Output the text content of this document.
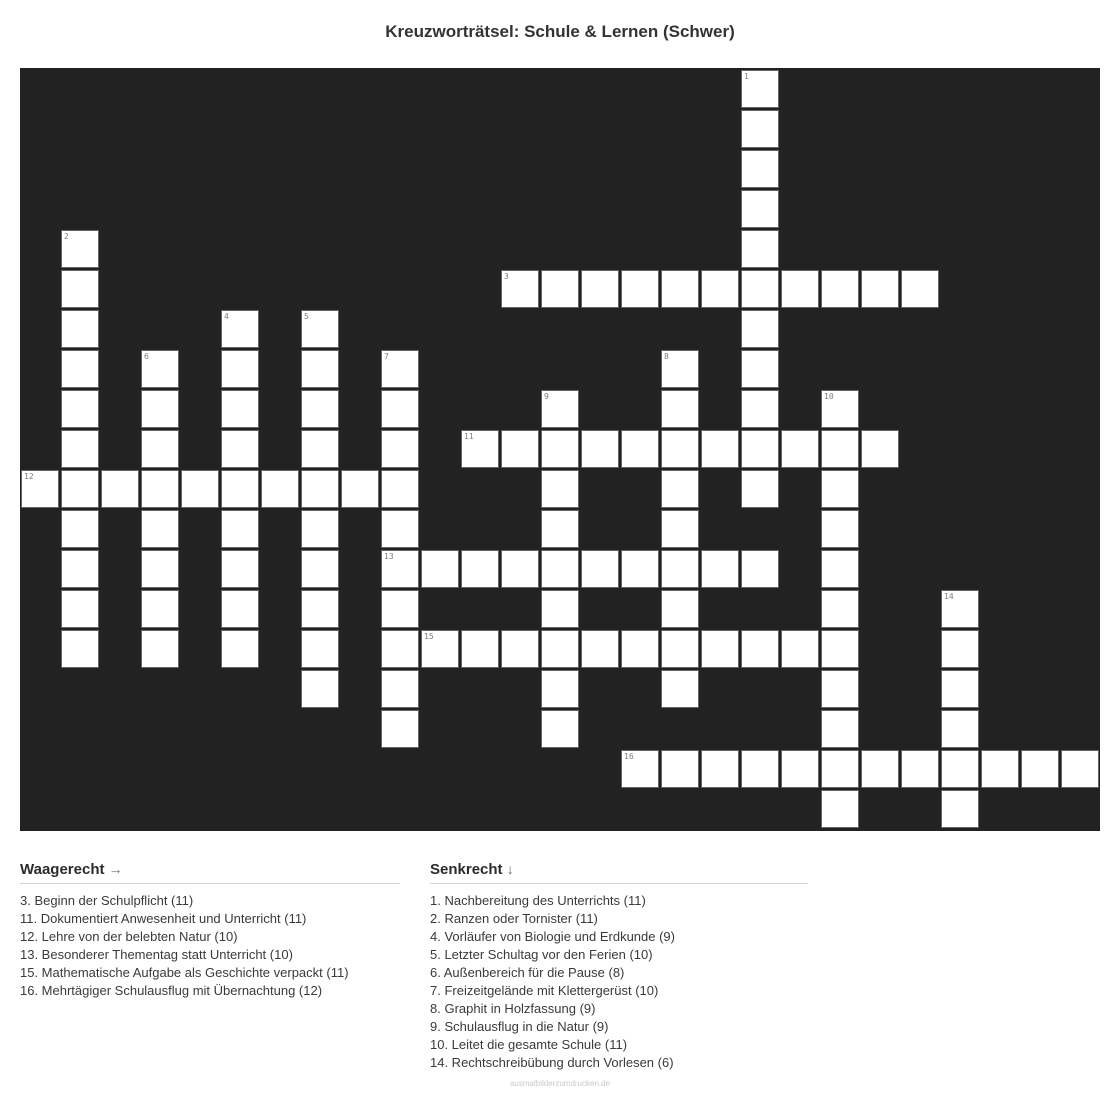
Kreuzworträtsel: Schule & Lernen (Schwer)
1
2
3
4	5
6	7
13
8
9	10
11
12
14
15
16
Waagerecht →
3. Beginn der Schulpflicht (11)
11. Dokumentiert Anwesenheit und Unterricht (11)
12. Lehre von der belebten Natur (10)
13. Besonderer Thementag statt Unterricht (10)
15. Mathematische Aufgabe als Geschichte verpackt (11)
16. Mehrtägiger Schulausflug mit Übernachtung (12)
Senkrecht ↓
1. Nachbereitung des Unterrichts (11)
2. Ranzen oder Tornister (11)
4. Vorläufer von Biologie und Erdkunde (9)
5. Letzter Schultag vor den Ferien (10)
6. Außenbereich für die Pause (8)
7. Freizeitgelände mit Klettergerüst (10)
8. Graphit in Holzfassung (9)
9. Schulausflug in die Natur (9)
10. Leitet die gesamte Schule (11)
14. Rechtschreibübung durch Vorlesen (6)
ausmalbilderzumdrucken.de
